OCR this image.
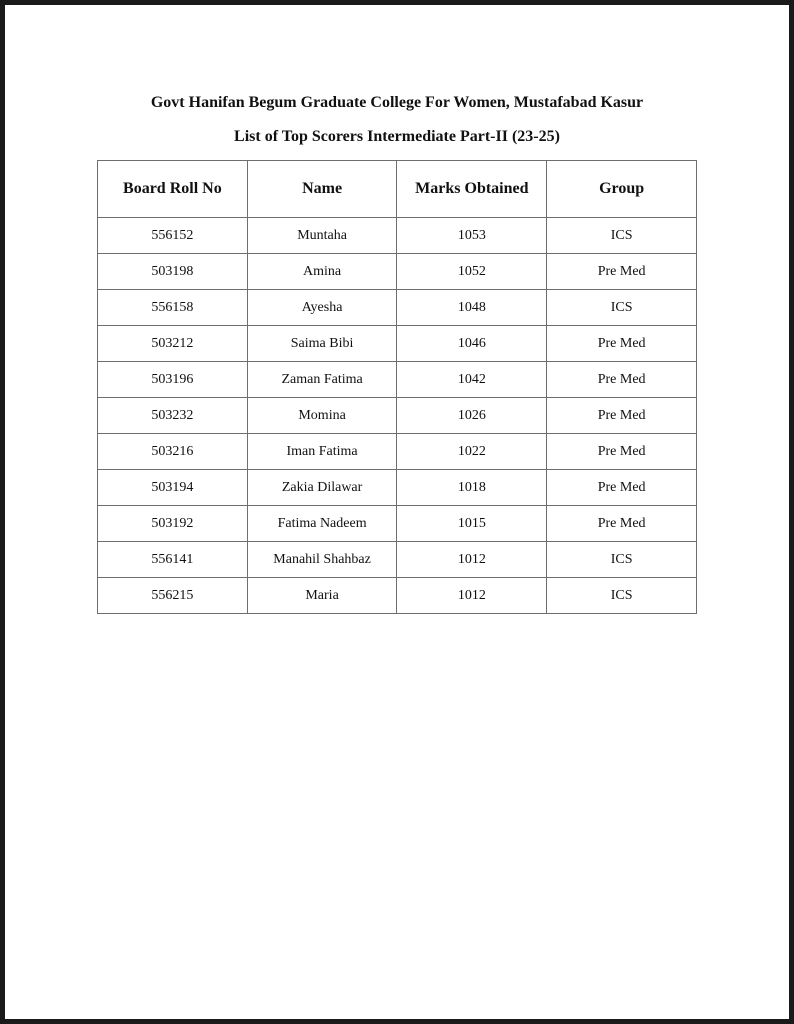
Govt Hanifan Begum Graduate College For Women, Mustafabad Kasur
List of Top Scorers Intermediate Part-II (23-25)
Board Roll No	Name	Marks Obtained	Group
556152	Muntaha	1053	ICS
503198	Amina	1052	Pre Med
556158	Ayesha	1048	ICS
503212	Saima Bibi	1046	Pre Med
503196	Zaman Fatima	1042	Pre Med
503232	Momina	1026	Pre Med
503216	Iman Fatima	1022	Pre Med
503194	Zakia Dilawar	1018	Pre Med
503192	Fatima Nadeem	1015	Pre Med
556141	Manahil Shahbaz	1012	ICS
556215	Maria	1012	ICS
